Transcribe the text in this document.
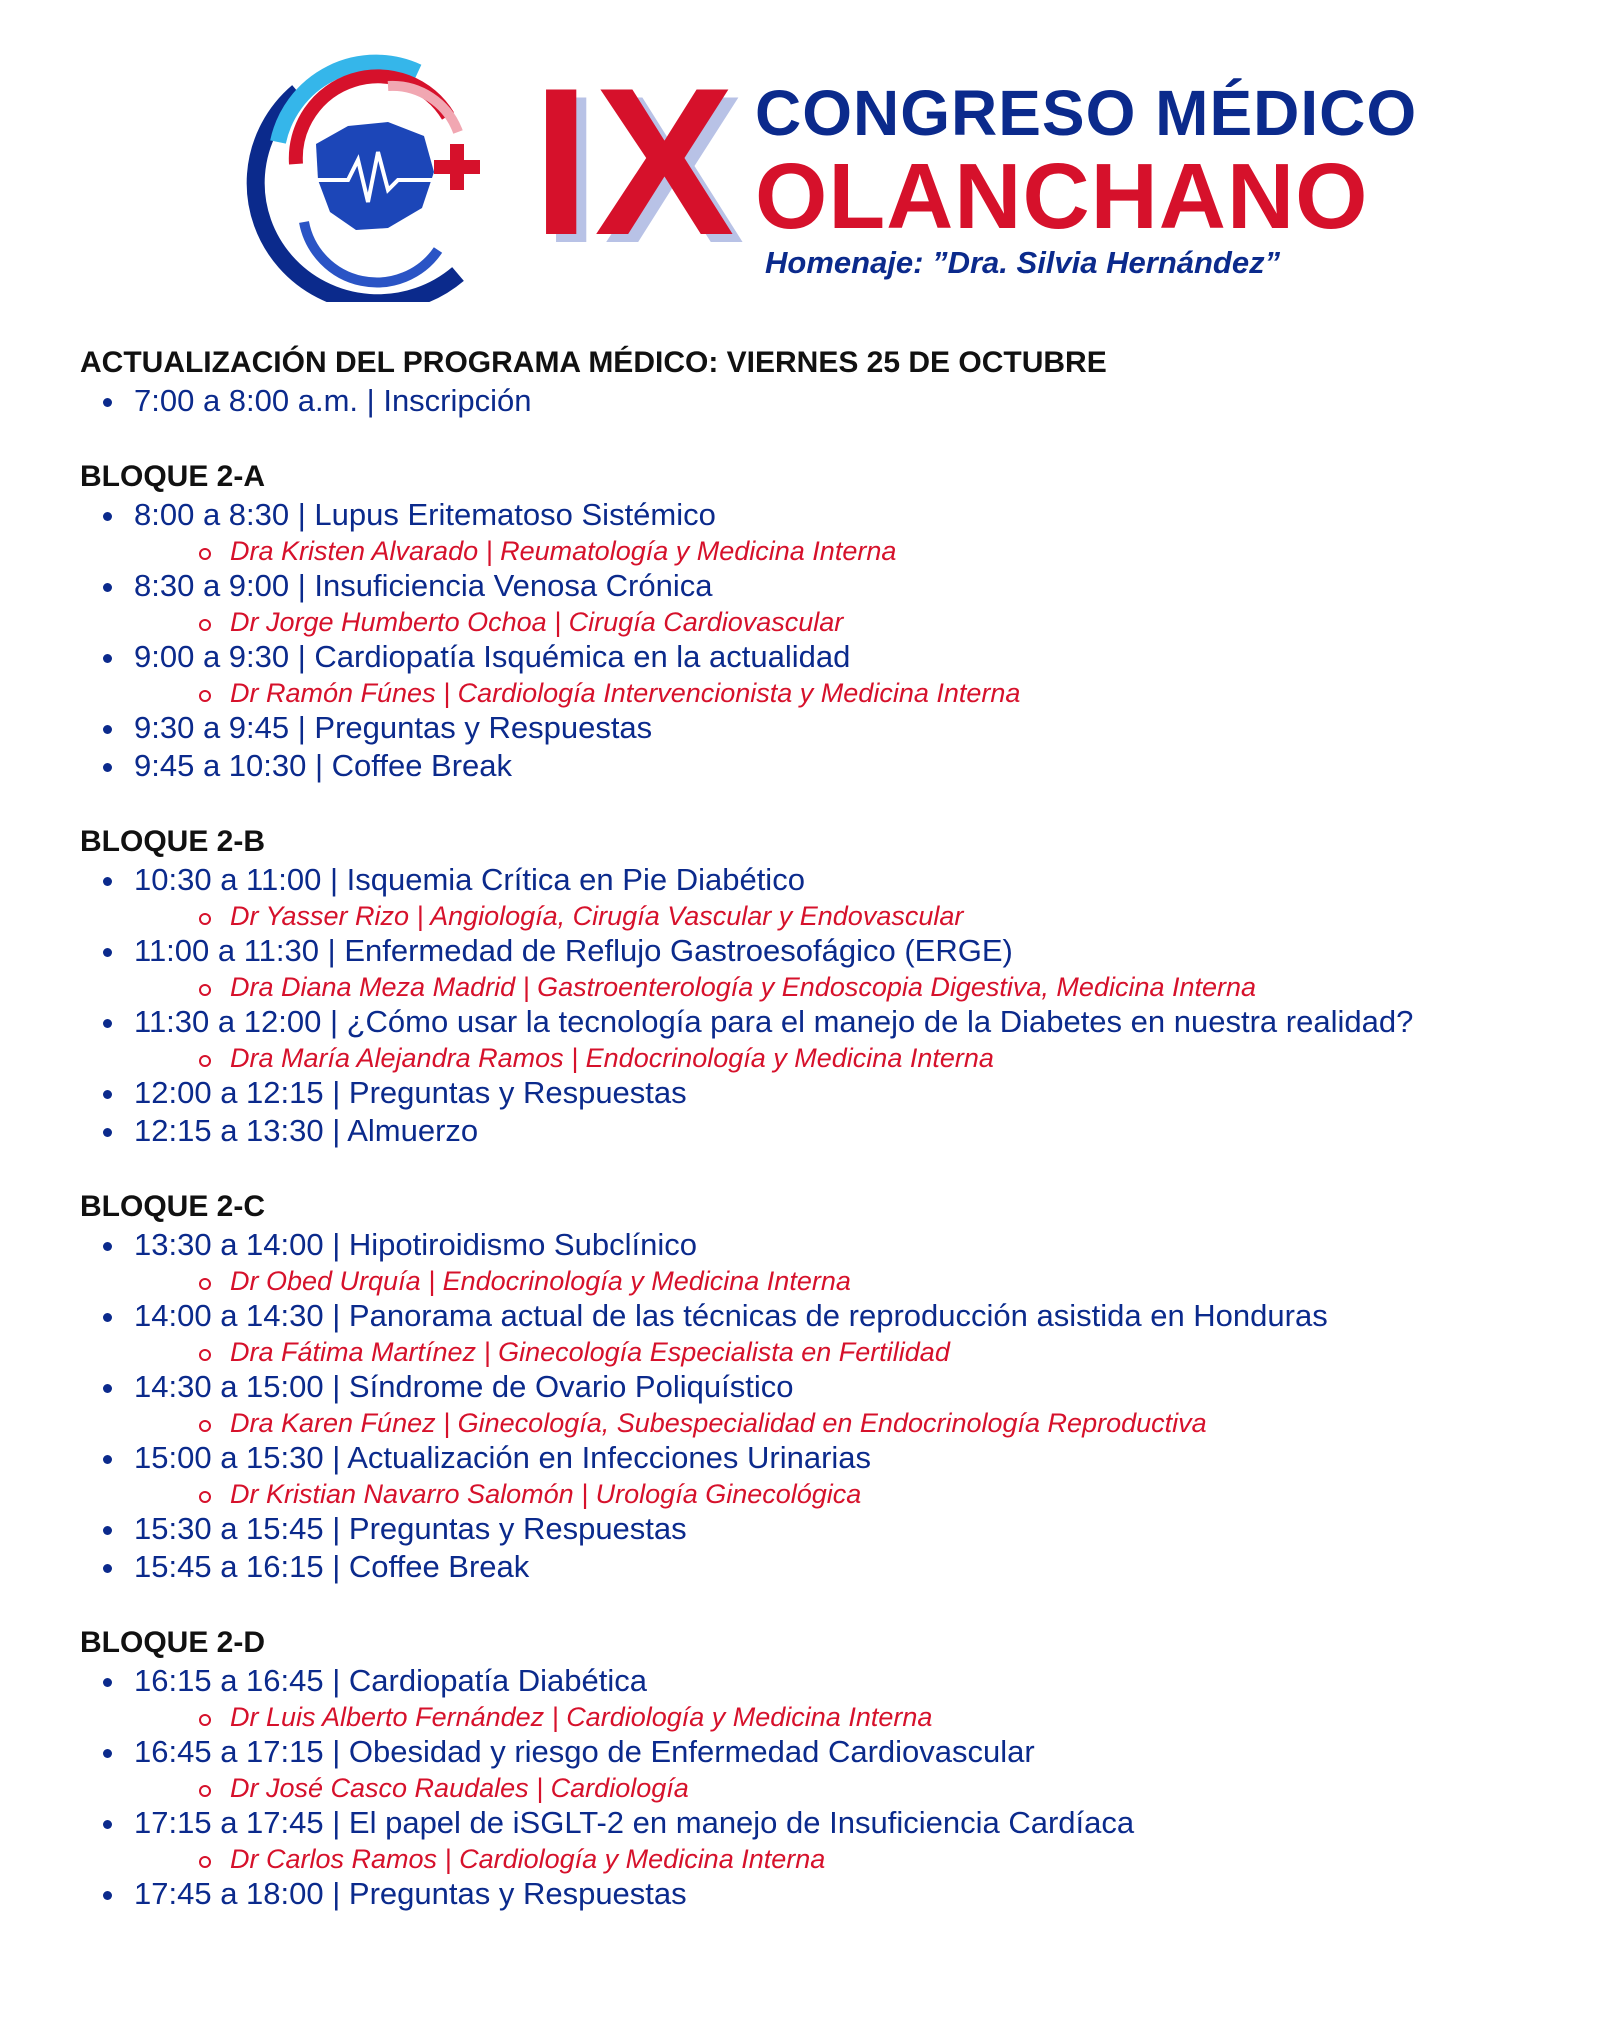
IX CONGRESO MÉDICO
OLANCHANO
Homenaje: ”Dra. Silvia Hernández”
ACTUALIZACIÓN DEL PROGRAMA MÉDICO: VIERNES 25 DE OCTUBRE
7:00 a 8:00 a.m. | Inscripción
BLOQUE 2-A
8:00 a 8:30 | Lupus Eritematoso Sistémico
Dra Kristen Alvarado | Reumatología y Medicina Interna
8:30 a 9:00 | Insuficiencia Venosa Crónica
Dr Jorge Humberto Ochoa | Cirugía Cardiovascular
9:00 a 9:30 | Cardiopatía Isquémica en la actualidad
Dr Ramón Fúnes | Cardiología Intervencionista y Medicina Interna
9:30 a 9:45 | Preguntas y Respuestas
9:45 a 10:30 | Coffee Break
BLOQUE 2-B
10:30 a 11:00 | Isquemia Crítica en Pie Diabético
Dr Yasser Rizo | Angiología, Cirugía Vascular y Endovascular
11:00 a 11:30 | Enfermedad de Reflujo Gastroesofágico (ERGE)
Dra Diana Meza Madrid | Gastroenterología y Endoscopia Digestiva, Medicina Interna
11:30 a 12:00 | ¿Cómo usar la tecnología para el manejo de la Diabetes en nuestra realidad?
Dra María Alejandra Ramos | Endocrinología y Medicina Interna
12:00 a 12:15 | Preguntas y Respuestas
12:15 a 13:30 | Almuerzo
BLOQUE 2-C
13:30 a 14:00 | Hipotiroidismo Subclínico
Dr Obed Urquía | Endocrinología y Medicina Interna
14:00 a 14:30 | Panorama actual de las técnicas de reproducción asistida en Honduras
Dra Fátima Martínez | Ginecología Especialista en Fertilidad
14:30 a 15:00 | Síndrome de Ovario Poliquístico
Dra Karen Fúnez | Ginecología, Subespecialidad en Endocrinología Reproductiva
15:00 a 15:30 | Actualización en Infecciones Urinarias
Dr Kristian Navarro Salomón | Urología Ginecológica
15:30 a 15:45 | Preguntas y Respuestas
15:45 a 16:15 | Coffee Break
BLOQUE 2-D
16:15 a 16:45 | Cardiopatía Diabética
Dr Luis Alberto Fernández | Cardiología y Medicina Interna
16:45 a 17:15 | Obesidad y riesgo de Enfermedad Cardiovascular
Dr José Casco Raudales | Cardiología
17:15 a 17:45 | El papel de iSGLT-2 en manejo de Insuficiencia Cardíaca
Dr Carlos Ramos | Cardiología y Medicina Interna
17:45 a 18:00 | Preguntas y Respuestas
